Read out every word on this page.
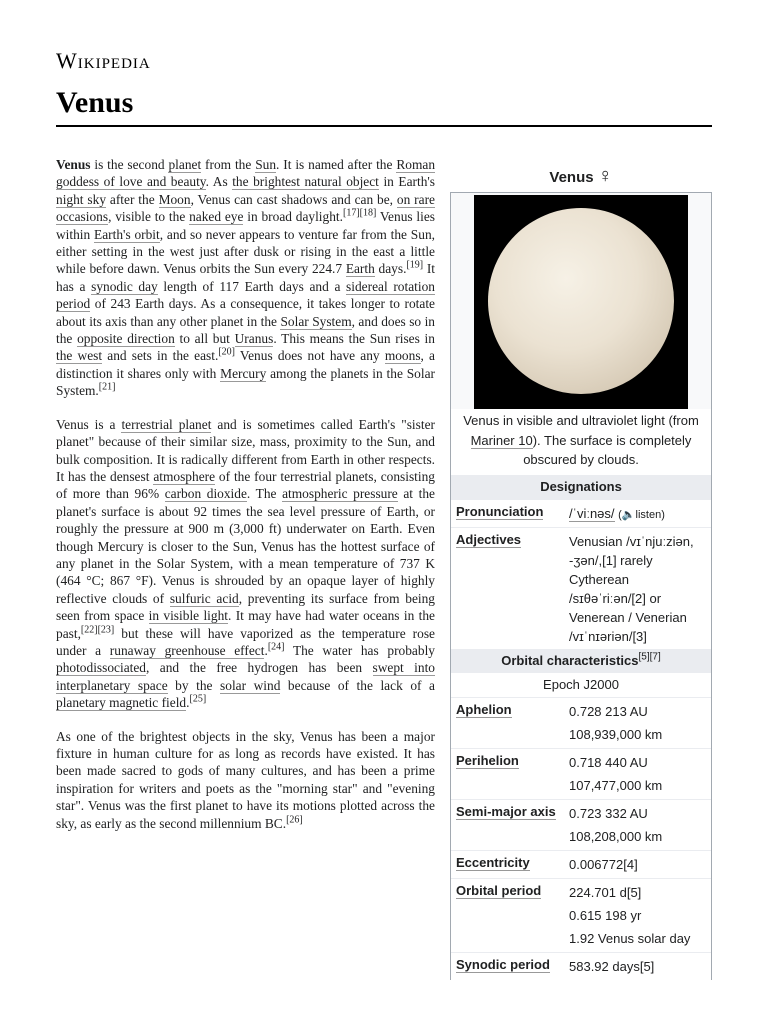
Wikipedia
Venus

Venus is the second planet from the Sun. It is named after the Roman goddess of love and beauty. As the brightest natural object in Earth's night sky after the Moon, Venus can cast shadows and can be, on rare occasions, visible to the naked eye in broad daylight.[17][18] Venus lies within Earth's orbit, and so never appears to venture far from the Sun, either setting in the west just after dusk or rising in the east a little while before dawn. Venus orbits the Sun every 224.7 Earth days.[19] It has a synodic day length of 117 Earth days and a sidereal rotation period of 243 Earth days. As a consequence, it takes longer to rotate about its axis than any other planet in the Solar System, and does so in the opposite direction to all but Uranus. This means the Sun rises in the west and sets in the east.[20] Venus does not have any moons, a distinction it shares only with Mercury among the planets in the Solar System.[21]

Venus is a terrestrial planet and is sometimes called Earth's "sister planet" because of their similar size, mass, proximity to the Sun, and bulk composition. It is radically different from Earth in other respects. It has the densest atmosphere of the four terrestrial planets, consisting of more than 96% carbon dioxide. The atmospheric pressure at the planet's surface is about 92 times the sea level pressure of Earth, or roughly the pressure at 900 m (3,000 ft) underwater on Earth. Even though Mercury is closer to the Sun, Venus has the hottest surface of any planet in the Solar System, with a mean temperature of 737 K (464 °C; 867 °F). Venus is shrouded by an opaque layer of highly reflective clouds of sulfuric acid, preventing its surface from being seen from space in visible light. It may have had water oceans in the past,[22][23] but these will have vaporized as the temperature rose under a runaway greenhouse effect.[24] The water has probably photodissociated, and the free hydrogen has been swept into interplanetary space by the solar wind because of the lack of a planetary magnetic field.[25]

As one of the brightest objects in the sky, Venus has been a major fixture in human culture for as long as records have existed. It has been made sacred to gods of many cultures, and has been a prime inspiration for writers and poets as the "morning star" and "evening star". Venus was the first planet to have its motions plotted across the sky, as early as the second millennium BC.[26]

Venus ♀
Venus in visible and ultraviolet light (from Mariner 10). The surface is completely obscured by clouds.
Designations
Pronunciation	/ˈviːnəs/ (🔈listen)
Adjectives	Venusian /vɪˈnjuːziən,
-ʒən/,[1] rarely
Cytherean
/sɪθəˈriːən/[2] or
Venerean / Venerian
/vɪˈnɪəriən/[3]
Orbital characteristics[5][7]
Epoch J2000
Aphelion	0.728 213 AU
108,939,000 km
Perihelion	0.718 440 AU
107,477,000 km
Semi-major axis	0.723 332 AU
108,208,000 km
Eccentricity	0.006772[4]
Orbital period	224.701 d[5]
0.615 198 yr
1.92 Venus solar day
Synodic period	583.92 days[5]
